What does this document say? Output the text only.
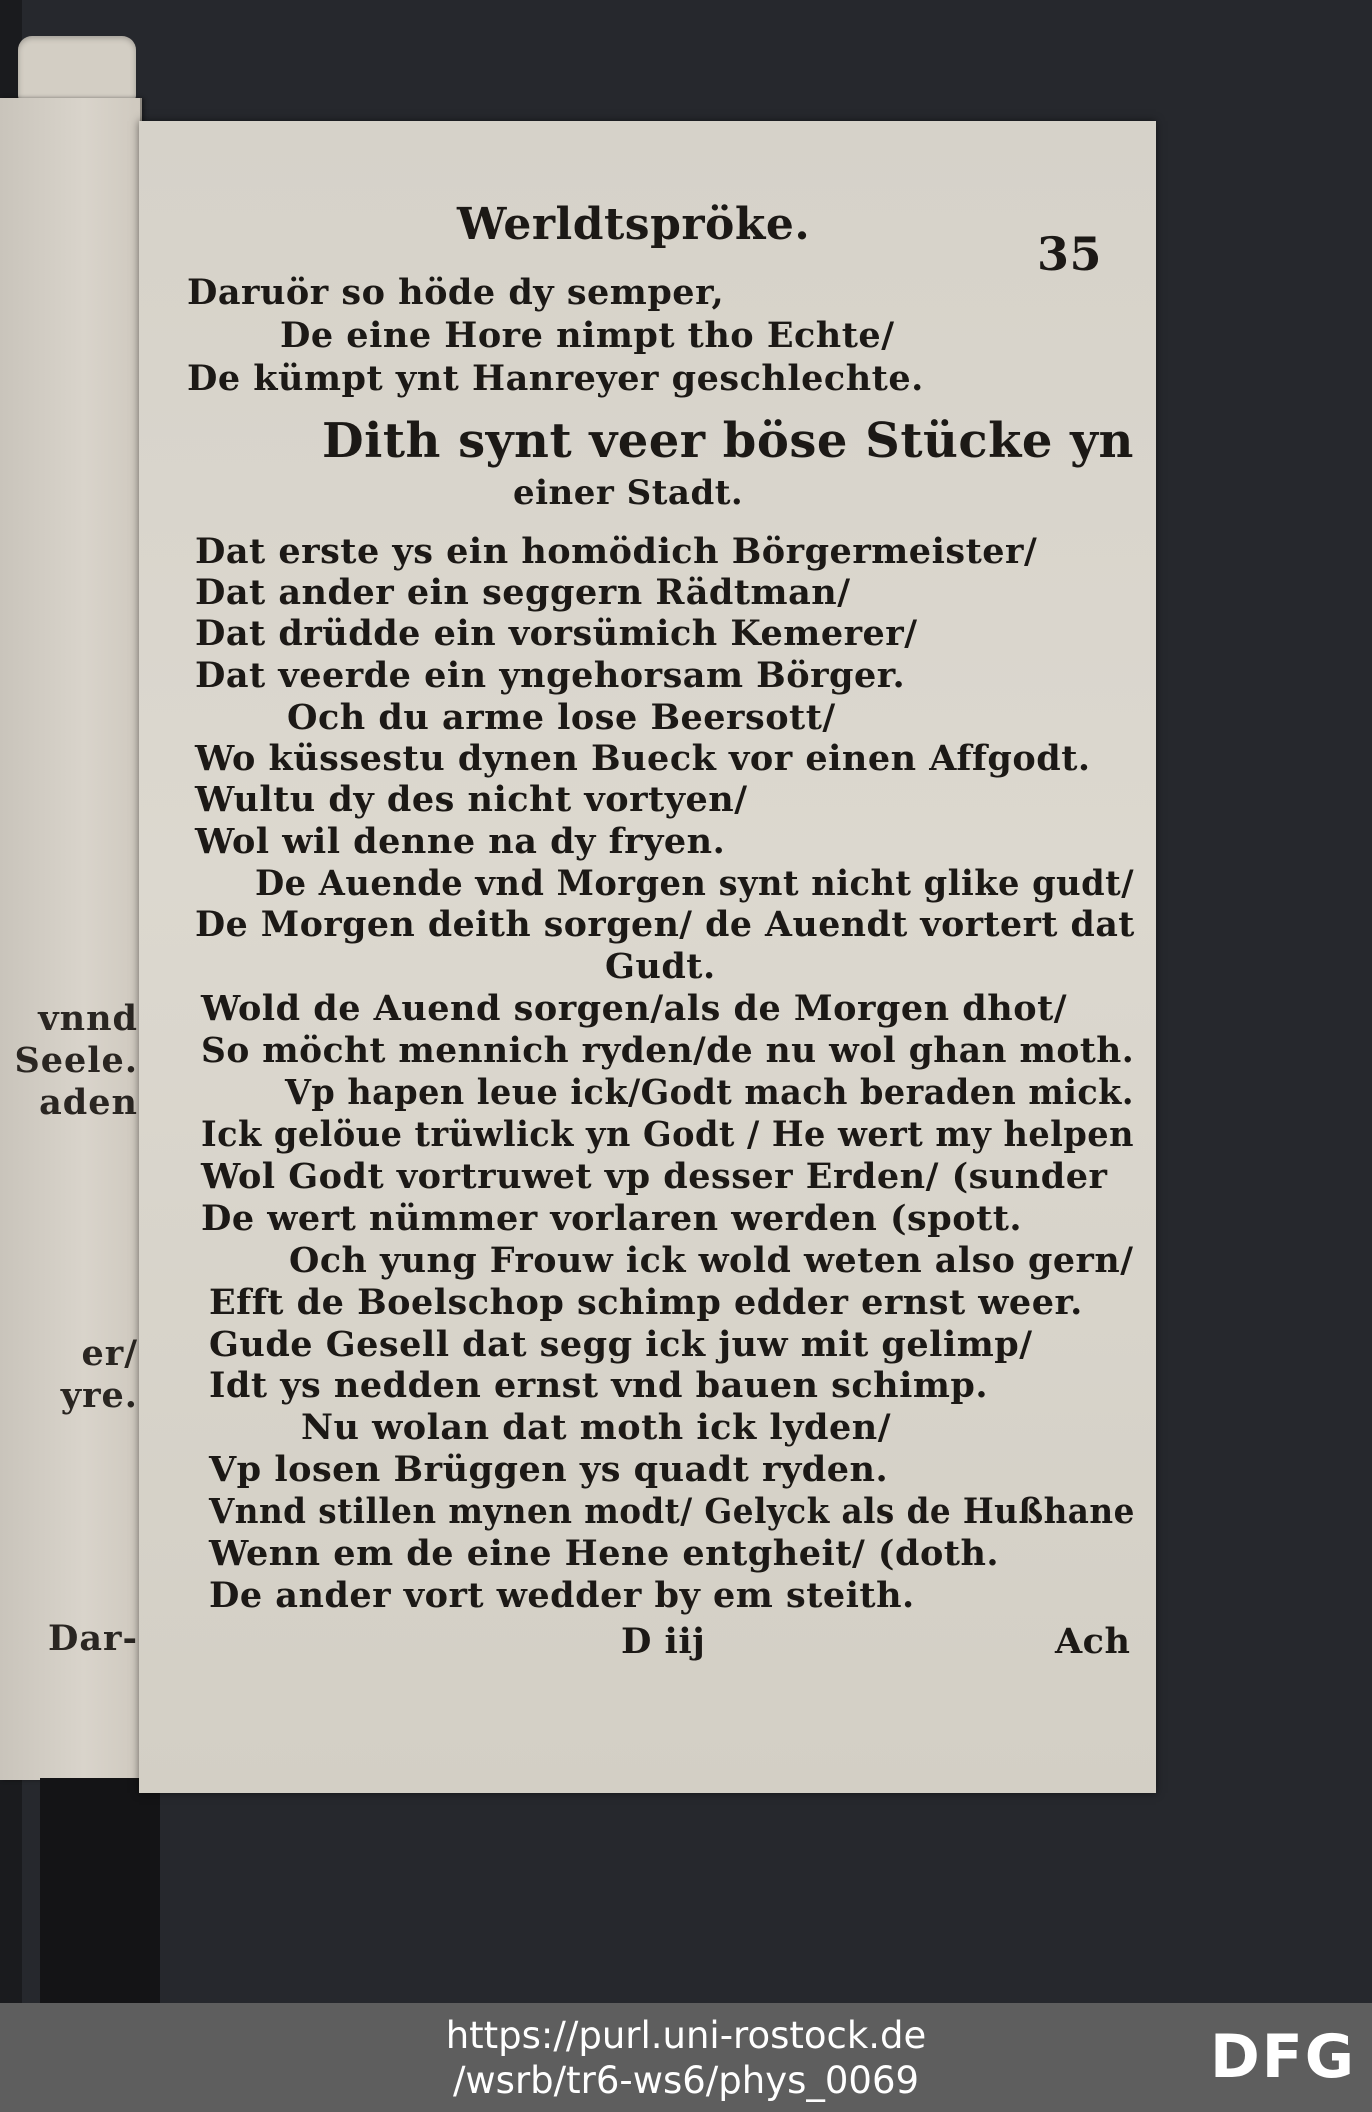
vnnd
Seele.
aden
er/
yre.
Dar-
Werldtspröke.
35
Daruör so höde dy semper,
De eine Hore nimpt tho Echte/
De kümpt ynt Hanreyer geschlechte.
Dith synt veer böse Stücke yn
einer Stadt.
Dat erste ys ein homödich Börgermeister/
Dat ander ein seggern Rädtman/
Dat drüdde ein vorsümich Kemerer/
Dat veerde ein yngehorsam Börger.
Och du arme lose Beersott/
Wo küssestu dynen Bueck vor einen Affgodt.
Wultu dy des nicht vortyen/
Wol wil denne na dy fryen.
De Auende vnd Morgen synt nicht glike gudt/
De Morgen deith sorgen/ de Auendt vortert dat
Gudt.
Wold de Auend sorgen/als de Morgen dhot/
So möcht mennich ryden/de nu wol ghan moth.
Vp hapen leue ick/Godt mach beraden mick.
Ick gelöue trüwlick yn Godt / He wert my helpen
Wol Godt vortruwet vp desser Erden/ (sunder
De wert nümmer vorlaren werden (spott.
Och yung Frouw ick wold weten also gern/
Efft de Boelschop schimp edder ernst weer.
Gude Gesell dat segg ick juw mit gelimp/
Idt ys nedden ernst vnd bauen schimp.
Nu wolan dat moth ick lyden/
Vp losen Brüggen ys quadt ryden.
Vnnd stillen mynen modt/ Gelyck als de Hußhane
Wenn em de eine Hene entgheit/ (doth.
De ander vort wedder by em steith.
D iij	Ach
https://purl.uni-rostock.de
/wsrb/tr6-ws6/phys_0069	DFG
